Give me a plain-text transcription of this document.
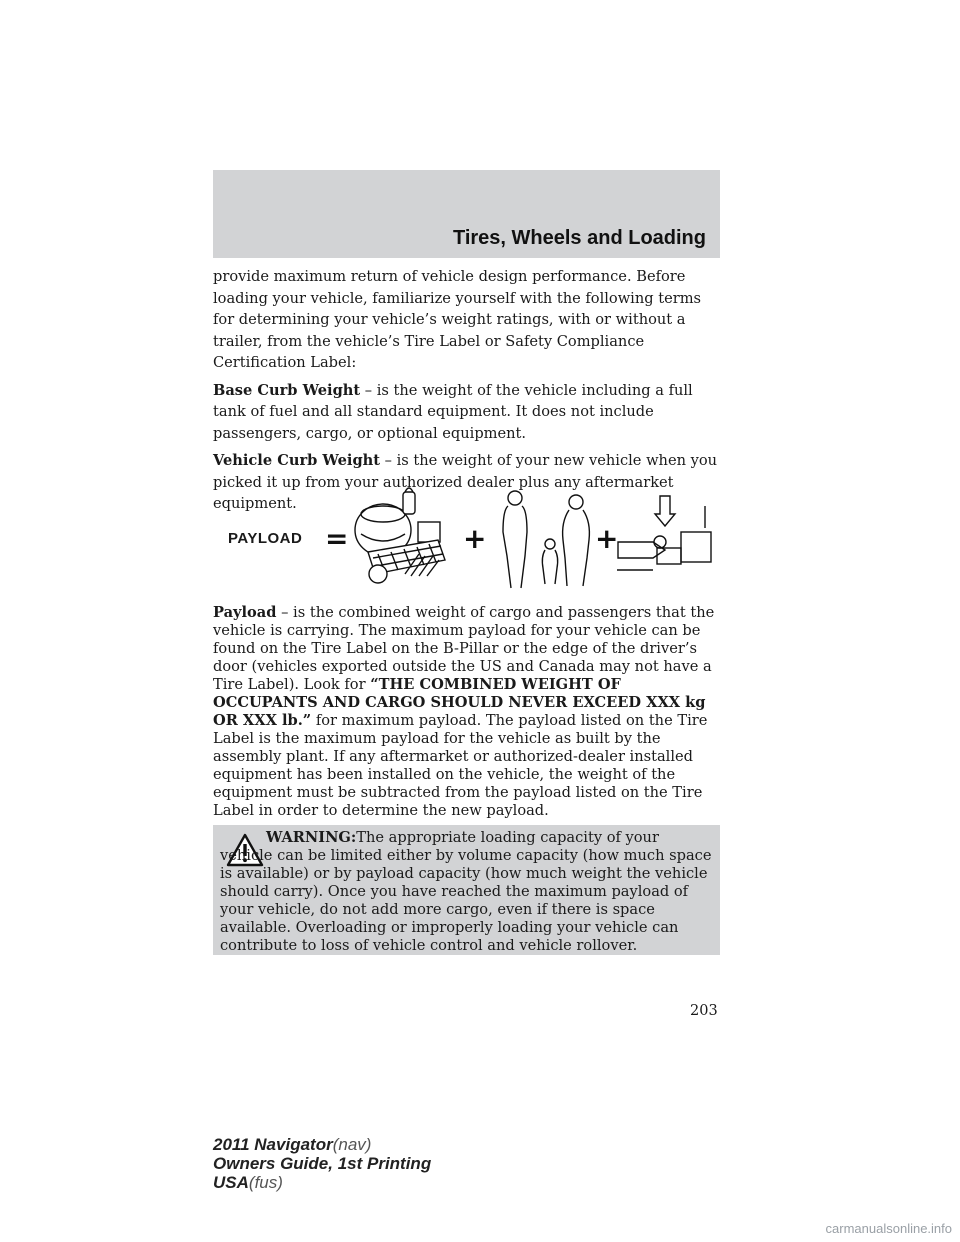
Tires, Wheels and Loading

provide maximum return of vehicle design performance. Before loading your vehicle, familiarize yourself with the following terms for determining your vehicle’s weight ratings, with or without a trailer, from the vehicle’s Tire Label or Safety Compliance Certification Label:

Base Curb Weight – is the weight of the vehicle including a full tank of fuel and all standard equipment. It does not include passengers, cargo, or optional equipment.

Vehicle Curb Weight – is the weight of your new vehicle when you picked it up from your authorized dealer plus any aftermarket equipment.

PAYLOAD =	+	+
Payload – is the combined weight of cargo and passengers that the vehicle is carrying. The maximum payload for your vehicle can be found on the Tire Label on the B-Pillar or the edge of the driver’s door (vehicles exported outside the US and Canada may not have a Tire Label). Look for “THE COMBINED WEIGHT OF OCCUPANTS AND CARGO SHOULD NEVER EXCEED XXX kg OR XXX lb.” for maximum payload. The payload listed on the Tire Label is the maximum payload for the vehicle as built by the assembly plant. If any aftermarket or authorized-dealer installed equipment has been installed on the vehicle, the weight of the equipment must be subtracted from the payload listed on the Tire Label in order to determine the new payload.
WARNING:The appropriate loading capacity of your vehicle can be limited either by volume capacity (how much space is available) or by payload capacity (how much weight the vehicle should carry). Once you have reached the maximum payload of your vehicle, do not add more cargo, even if there is space available. Overloading or improperly loading your vehicle can contribute to loss of vehicle control and vehicle rollover.
203
2011 Navigator(nav)
Owners Guide, 1st Printing
USA(fus)
carmanualsonline.info
